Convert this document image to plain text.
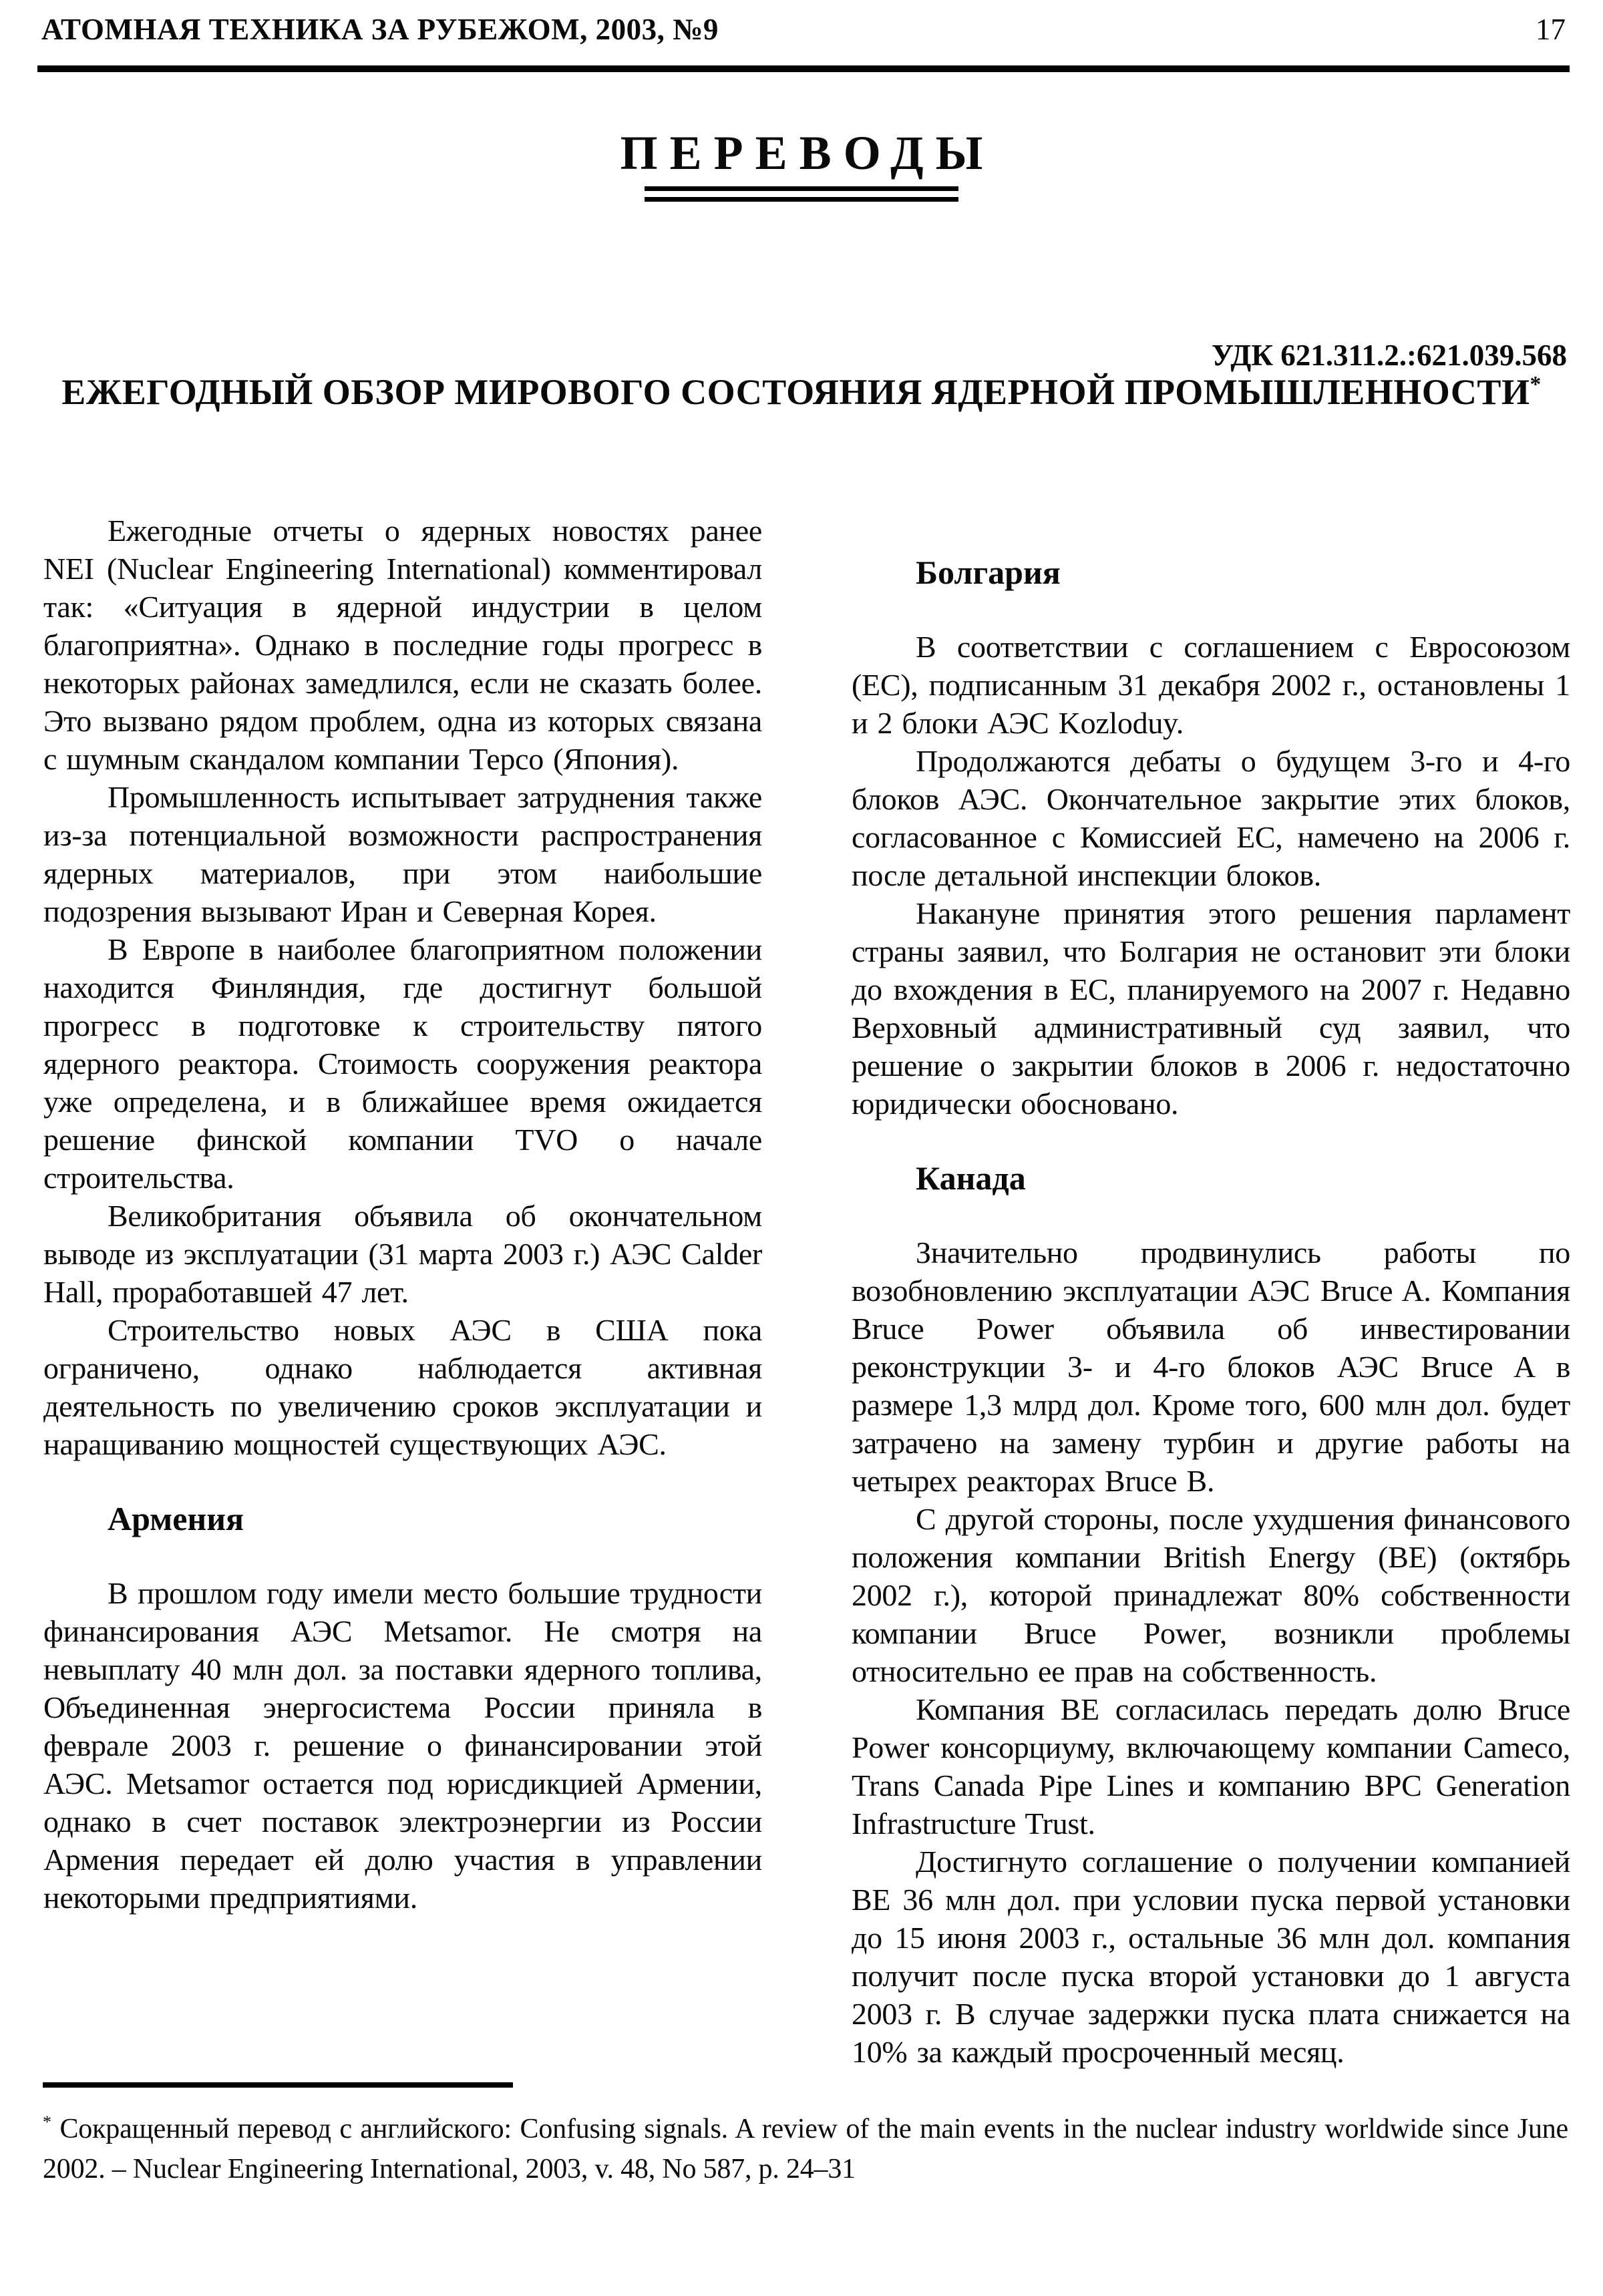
АТОМНАЯ ТЕХНИКА ЗА РУБЕЖОМ, 2003, №9	17
ПЕРЕВОДЫ
УДК 621.311.2.:621.039.568
ЕЖЕГОДНЫЙ ОБЗОР МИРОВОГО СОСТОЯНИЯ ЯДЕРНОЙ ПРОМЫШЛЕННОСТИ*

Ежегодные отчеты о ядерных новостях ранее NEI (Nuclear Engineering International) комментировал так: «Ситуация в ядерной индустрии в целом благоприятна». Однако в последние годы прогресс в некоторых районах замедлился, если не сказать более. Это вызвано рядом проблем, одна из которых связана с шумным скандалом компании Терсо (Япония).

Промышленность испытывает затруднения также из-за потенциальной возможности распространения ядерных материалов, при этом наибольшие подозрения вызывают Иран и Северная Корея.

В Европе в наиболее благоприятном положении находится Финляндия, где достигнут большой прогресс в подготовке к строительству пятого ядерного реактора. Стоимость сооружения реактора уже определена, и в ближайшее время ожидается решение финской компании TVO о начале строительства.

Великобритания объявила об окончательном выводе из эксплуатации (31 марта 2003 г.) АЭС Calder Hall, проработавшей 47 лет.

Строительство новых АЭС в США пока ограничено, однако наблюдается активная деятельность по увеличению сроков эксплуатации и наращиванию мощностей существующих АЭС.

Армения

В прошлом году имели место большие трудности финансирования АЭС Metsamor. Не смотря на невыплату 40 млн дол. за поставки ядерного топлива, Объединенная энергосистема России приняла в феврале 2003 г. решение о финансировании этой АЭС. Metsamor остается под юрисдикцией Армении, однако в счет поставок электроэнергии из России Армения передает ей долю участия в управлении некоторыми предприятиями.

Болгария

В соответствии с соглашением с Евросоюзом (ЕС), подписанным 31 декабря 2002 г., остановлены 1 и 2 блоки АЭС Kozloduy.

Продолжаются дебаты о будущем 3-го и 4-го блоков АЭС. Окончательное закрытие этих блоков, согласованное с Комиссией ЕС, намечено на 2006 г. после детальной инспекции блоков.

Накануне принятия этого решения парламент страны заявил, что Болгария не остановит эти блоки до вхождения в ЕС, планируемого на 2007 г. Недавно Верховный административный суд заявил, что решение о закрытии блоков в 2006 г. недостаточно юридически обосновано.

Канада

Значительно продвинулись работы по возобновлению эксплуатации АЭС Bruce A. Компания Bruce Power объявила об инвестировании реконструкции 3- и 4-го блоков АЭС Bruce A в размере 1,3 млрд дол. Кроме того, 600 млн дол. будет затрачено на замену турбин и другие работы на четырех реакторах Bruce B.

С другой стороны, после ухудшения финансового положения компании British Energy (BE) (октябрь 2002 г.), которой принадлежат 80% собственности компании Bruce Power, возникли проблемы относительно ее прав на собственность.

Компания BE согласилась передать долю Bruce Power консорциуму, включающему компании Cameco, Trans Canada Pipe Lines и компанию BPC Generation Infrastructure Trust.

Достигнуто соглашение о получении компанией BE 36 млн дол. при условии пуска первой установки до 15 июня 2003 г., остальные 36 млн дол. компания получит после пуска второй установки до 1 августа 2003 г. В случае задержки пуска плата снижается на 10% за каждый просроченный месяц.

* Сокращенный перевод с английского: Confusing signals. A review of the main events in the nuclear industry worldwide since June 2002. – Nuclear Engineering International, 2003, v. 48, No 587, p. 24–31
